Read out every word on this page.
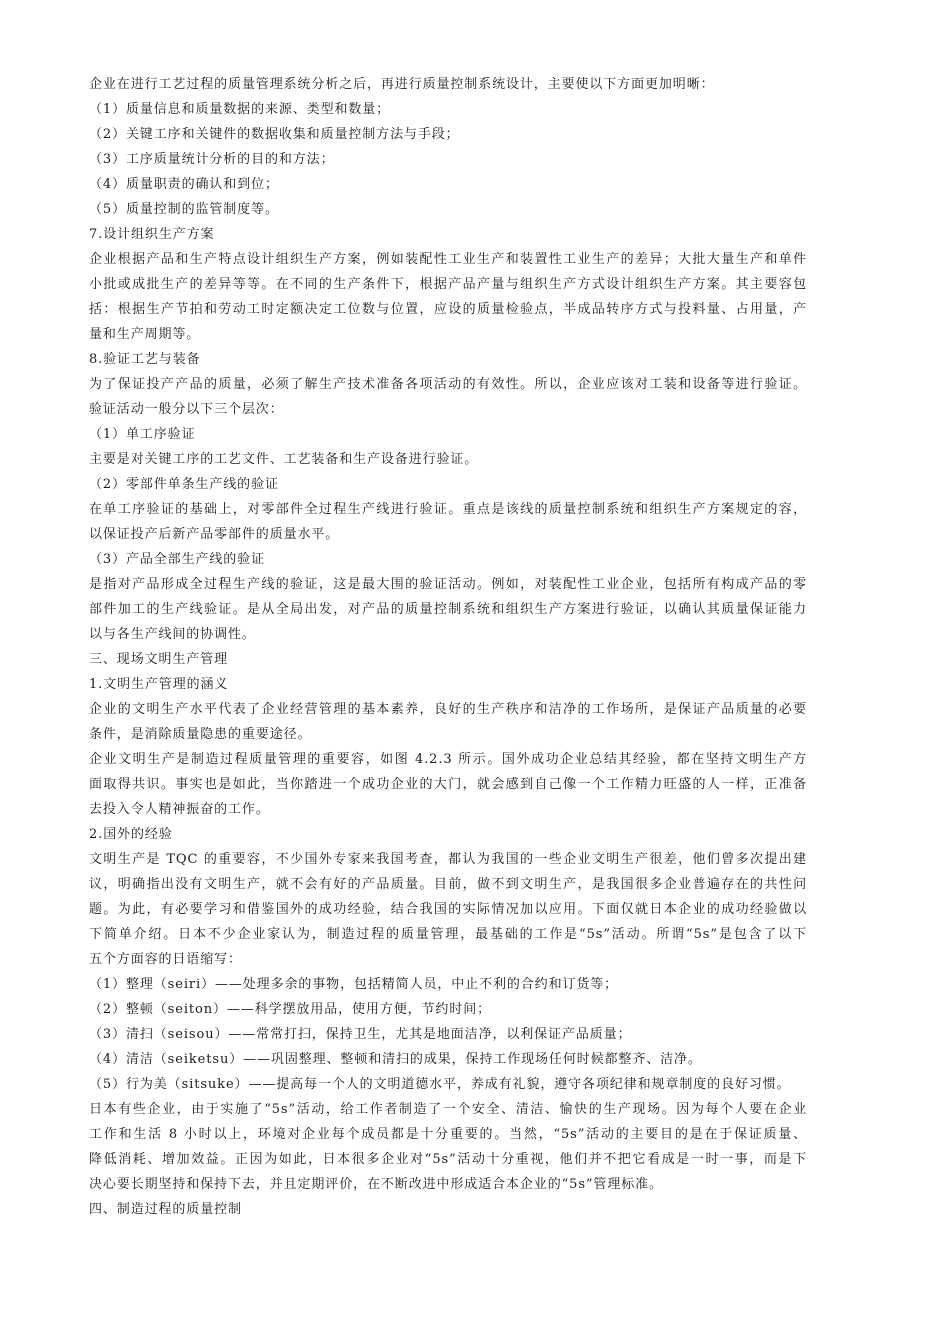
企业在进行工艺过程的质量管理系统分析之后，再进行质量控制系统设计，主要使以下方面更加明晰：
（1）质量信息和质量数据的来源、类型和数量；
（2）关键工序和关键件的数据收集和质量控制方法与手段；
（3）工序质量统计分析的目的和方法；
（4）质量职责的确认和到位；
（5）质量控制的监管制度等。
7.设计组织生产方案
企业根据产品和生产特点设计组织生产方案，例如装配性工业生产和装置性工业生产的差异；大批大量生产和单件
小批或成批生产的差异等等。在不同的生产条件下，根据产品产量与组织生产方式设计组织生产方案。其主要容包
括：根据生产节拍和劳动工时定额决定工位数与位置，应设的质量检验点，半成品转序方式与投料量、占用量，产
量和生产周期等。
8.验证工艺与装备
为了保证投产产品的质量，必须了解生产技术准备各项活动的有效性。所以，企业应该对工装和设备等进行验证。
验证活动一般分以下三个层次：
（1）单工序验证
主要是对关键工序的工艺文件、工艺装备和生产设备进行验证。
（2）零部件单条生产线的验证
在单工序验证的基础上，对零部件全过程生产线进行验证。重点是该线的质量控制系统和组织生产方案规定的容，
以保证投产后新产品零部件的质量水平。
（3）产品全部生产线的验证
是指对产品形成全过程生产线的验证，这是最大围的验证活动。例如，对装配性工业企业，包括所有构成产品的零
部件加工的生产线验证。是从全局出发，对产品的质量控制系统和组织生产方案进行验证，以确认其质量保证能力
以与各生产线间的协调性。
三、现场文明生产管理
1.文明生产管理的涵义
企业的文明生产水平代表了企业经营管理的基本素养，良好的生产秩序和洁净的工作场所，是保证产品质量的必要
条件，是消除质量隐患的重要途径。
企业文明生产是制造过程质量管理的重要容，如图 4.2.3 所示。国外成功企业总结其经验，都在坚持文明生产方
面取得共识。事实也是如此，当你踏进一个成功企业的大门，就会感到自己像一个工作精力旺盛的人一样，正准备
去投入令人精神振奋的工作。
2.国外的经验
文明生产是 TQC 的重要容，不少国外专家来我国考查，都认为我国的一些企业文明生产很差，他们曾多次提出建
议，明确指出没有文明生产，就不会有好的产品质量。目前，做不到文明生产，是我国很多企业普遍存在的共性问
题。为此，有必要学习和借鉴国外的成功经验，结合我国的实际情况加以应用。下面仅就日本企业的成功经验做以
下简单介绍。日本不少企业家认为，制造过程的质量管理，最基础的工作是“5s”活动。所谓“5s”是包含了以下
五个方面容的日语缩写：
（1）整理（seiri）——处理多余的事物，包括精简人员，中止不利的合约和订货等；
（2）整顿（seiton）——科学摆放用品，使用方便，节约时间；
（3）清扫（seisou）——常常打扫，保持卫生，尤其是地面洁净，以利保证产品质量；
（4）清洁（seiketsu）——巩固整理、整顿和清扫的成果，保持工作现场任何时候都整齐、洁净。
（5）行为美（sitsuke）——提高每一个人的文明道德水平，养成有礼貌，遵守各项纪律和规章制度的良好习惯。
日本有些企业，由于实施了“5s”活动，给工作者制造了一个安全、清洁、愉快的生产现场。因为每个人要在企业
工作和生活 8 小时以上，环境对企业每个成员都是十分重要的。当然，“5s”活动的主要目的是在于保证质量、
降低消耗、增加效益。正因为如此，日本很多企业对“5s”活动十分重视，他们并不把它看成是一时一事，而是下
决心要长期坚持和保持下去，并且定期评价，在不断改进中形成适合本企业的“5s”管理标准。
四、制造过程的质量控制
